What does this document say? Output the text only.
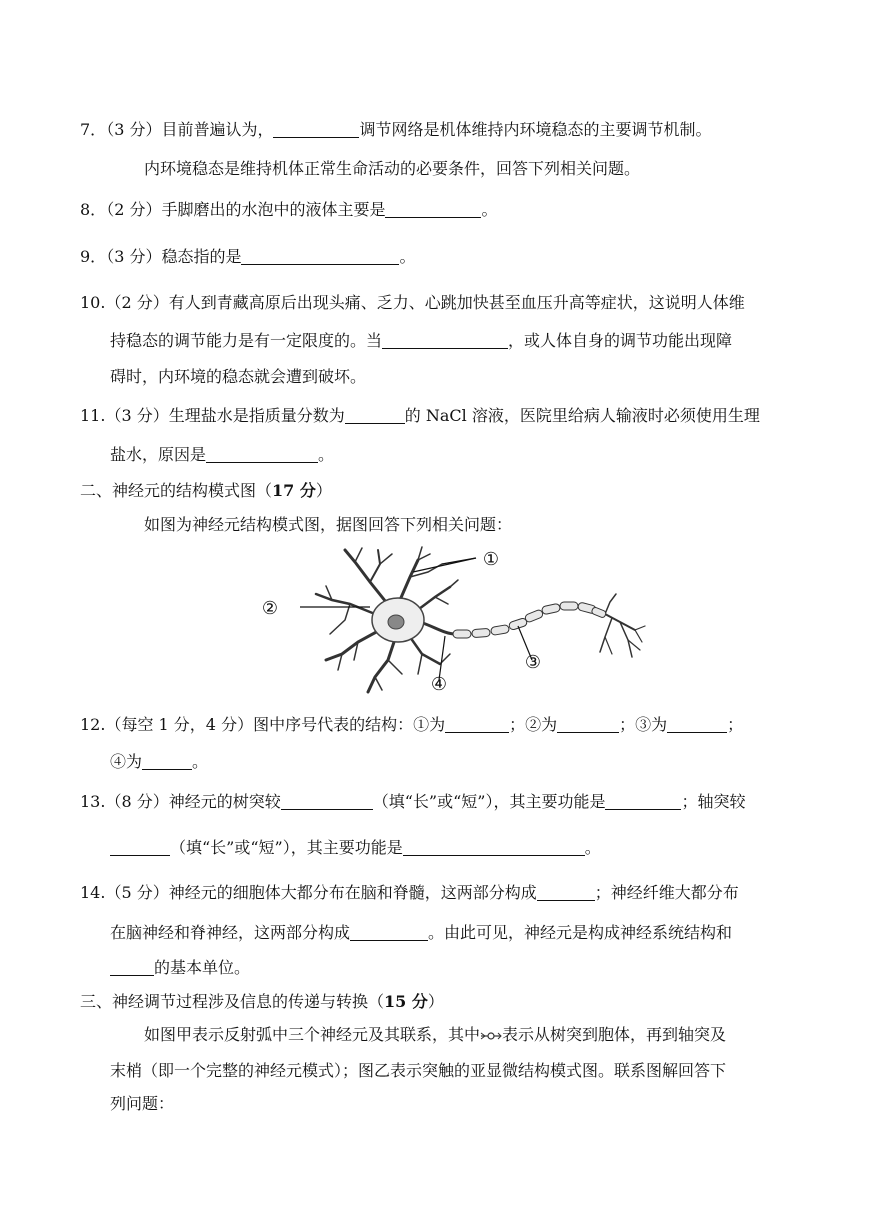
7．（3 分）目前普遍认为，	调节网络是机体维持内环境稳态的主要调节机制。
内环境稳态是维持机体正常生命活动的必要条件，回答下列相关问题。
8．（2 分）手脚磨出的水泡中的液体主要是	。
9．（3 分）稳态指的是	。
10.（2 分）有人到青藏高原后出现头痛、乏力、心跳加快甚至血压升高等症状，这说明人体维
持稳态的调节能力是有一定限度的。当	，或人体自身的调节功能出现障
碍时，内环境的稳态就会遭到破坏。
11.（3 分）生理盐水是指质量分数为	的 NaCl 溶液，医院里给病人输液时必须使用生理
盐水，原因是	。
二、神经元的结构模式图（17 分）
如图为神经元结构模式图，据图回答下列相关问题：
①
②
③
④
12.（每空 1 分，4 分）图中序号代表的结构：①为	；②为	；③为	；
④为	。
13.（8 分）神经元的树突较	（填“长”或“短”），其主要功能是	；轴突较
（填“长”或“短”），其主要功能是	。
14.（5 分）神经元的细胞体大都分布在脑和脊髓，这两部分构成	；神经纤维大都分布
在脑神经和脊神经，这两部分构成	。由此可见，神经元是构成神经系统结构和
的基本单位。
三、神经调节过程涉及信息的传递与转换（15 分）
如图甲表示反射弧中三个神经元及其联系，其中 表示从树突到胞体，再到轴突及
末梢（即一个完整的神经元模式）；图乙表示突触的亚显微结构模式图。联系图解回答下
列问题：
